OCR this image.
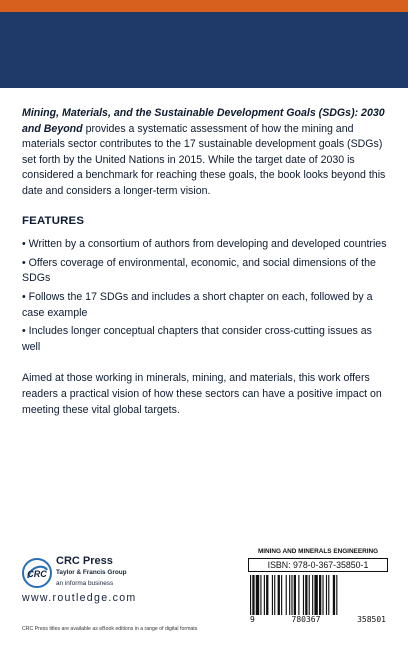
Mining, Materials, and the Sustainable Development Goals (SDGs): 2030 and Beyond provides a systematic assessment of how the mining and materials sector contributes to the 17 sustainable development goals (SDGs) set forth by the United Nations in 2015. While the target date of 2030 is considered a benchmark for reaching these goals, the book looks beyond this date and considers a longer-term vision.

FEATURES
• Written by a consortium of authors from developing and developed countries
• Offers coverage of environmental, economic, and social dimensions of the SDGs
• Follows the 17 SDGs and includes a short chapter on each, followed by a case example
• Includes longer conceptual chapters that consider cross-cutting issues as well

Aimed at those working in minerals, mining, and materials, this work offers readers a practical vision of how these sectors can have a positive impact on meeting these vital global targets.

CRC
CRC Press
Taylor & Francis Group
an informa business
www.routledge.com
CRC Press titles are available as eBook editions in a range of digital formats
MINING AND MINERALS ENGINEERING
ISBN: 978-0-367-35850-1
9	780367	358501
